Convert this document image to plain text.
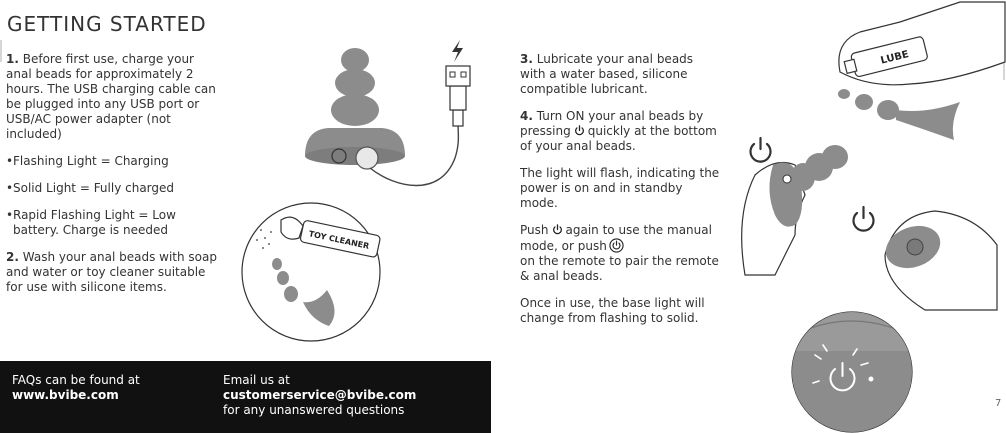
GETTING STARTED

1. Before first use, charge your anal beads for approximately 2 hours. The USB charging cable can be plugged into any USB port or USB/AC power adapter (not included)

• Flashing Light = Charging
• Solid Light = Fully charged
• Rapid Flashing Light = Low battery. Charge is needed

2. Wash your anal beads with soap and water or toy cleaner suitable for use with silicone items.

3. Lubricate your anal beads with a water based, silicone compatible lubricant.

4. Turn ON your anal beads by pressing quickly at the bottom of your anal beads.

The light will flash, indicating the power is on and in standby mode.

Push again to use the manual mode, or push
on the remote to pair the remote & anal beads.

Once in use, the base light will change from flashing to solid.

TOY CLEANER
LUBE
FAQs can be found at
www.bvibe.com
Email us at
customerservice@bvibe.com
for any unanswered questions	7
